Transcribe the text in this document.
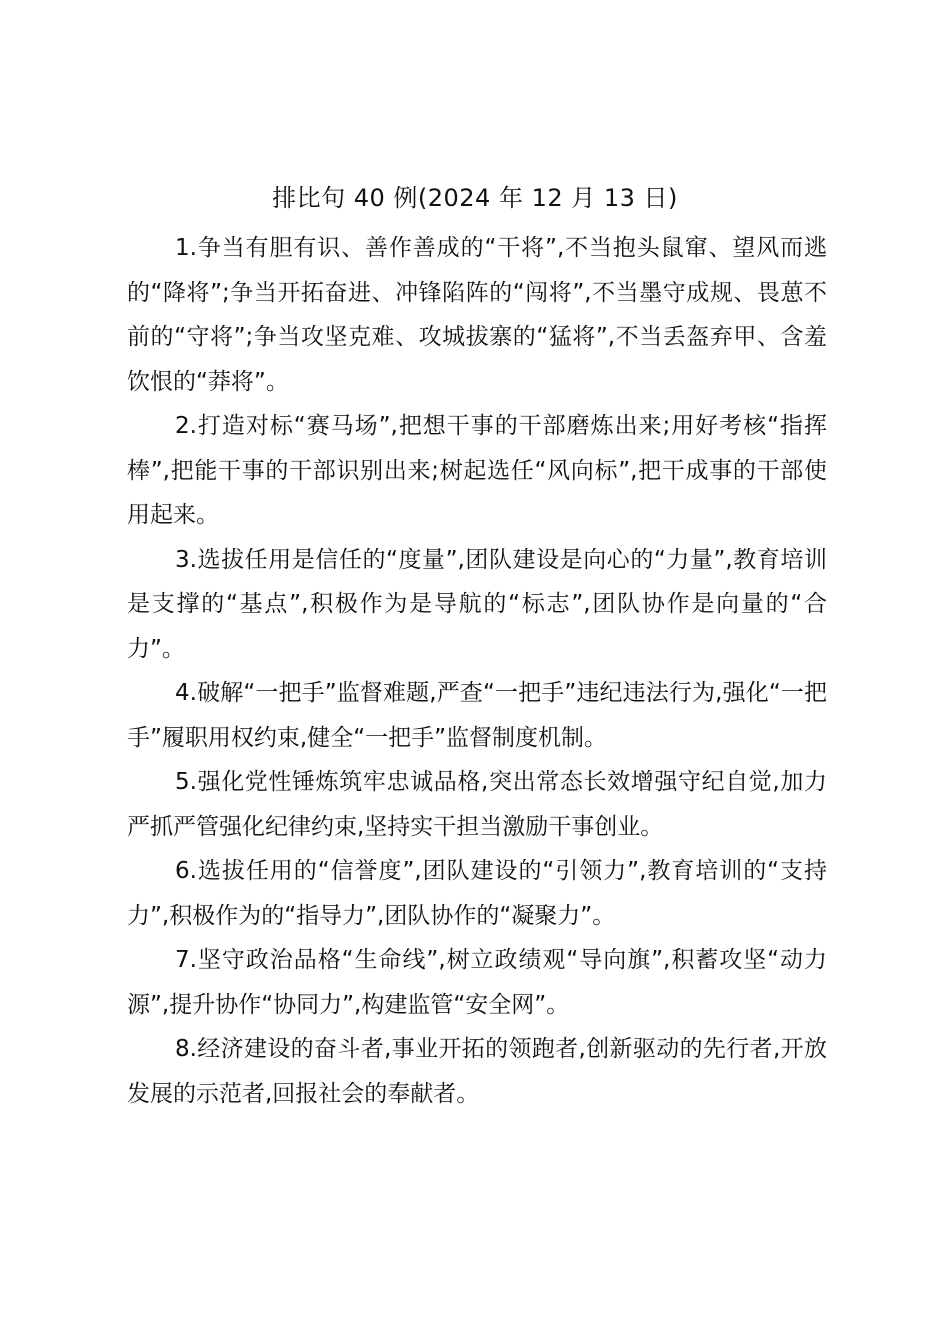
排比句 40 例(2024 年 12 月 13 日)

1.争当有胆有识、善作善成的“干将”,不当抱头鼠窜、望风而逃的“降将”;争当开拓奋进、冲锋陷阵的“闯将”,不当墨守成规、畏葸不前的“守将”;争当攻坚克难、攻城拔寨的“猛将”,不当丢盔弃甲、含羞饮恨的“莽将”。

2.打造对标“赛马场”,把想干事的干部磨炼出来;用好考核“指挥棒”,把能干事的干部识别出来;树起选任“风向标”,把干成事的干部使用起来。

3.选拔任用是信任的“度量”,团队建设是向心的“力量”,教育培训是支撑的“基点”,积极作为是导航的“标志”,团队协作是向量的“合力”。

4.破解“一把手”监督难题,严查“一把手”违纪违法行为,强化“一把手”履职用权约束,健全“一把手”监督制度机制。

5.强化党性锤炼筑牢忠诚品格,突出常态长效增强守纪自觉,加力严抓严管强化纪律约束,坚持实干担当激励干事创业。

6.选拔任用的“信誉度”,团队建设的“引领力”,教育培训的“支持力”,积极作为的“指导力”,团队协作的“凝聚力”。

7.坚守政治品格“生命线”,树立政绩观“导向旗”,积蓄攻坚“动力源”,提升协作“协同力”,构建监管“安全网”。

8.经济建设的奋斗者,事业开拓的领跑者,创新驱动的先行者,开放发展的示范者,回报社会的奉献者。
